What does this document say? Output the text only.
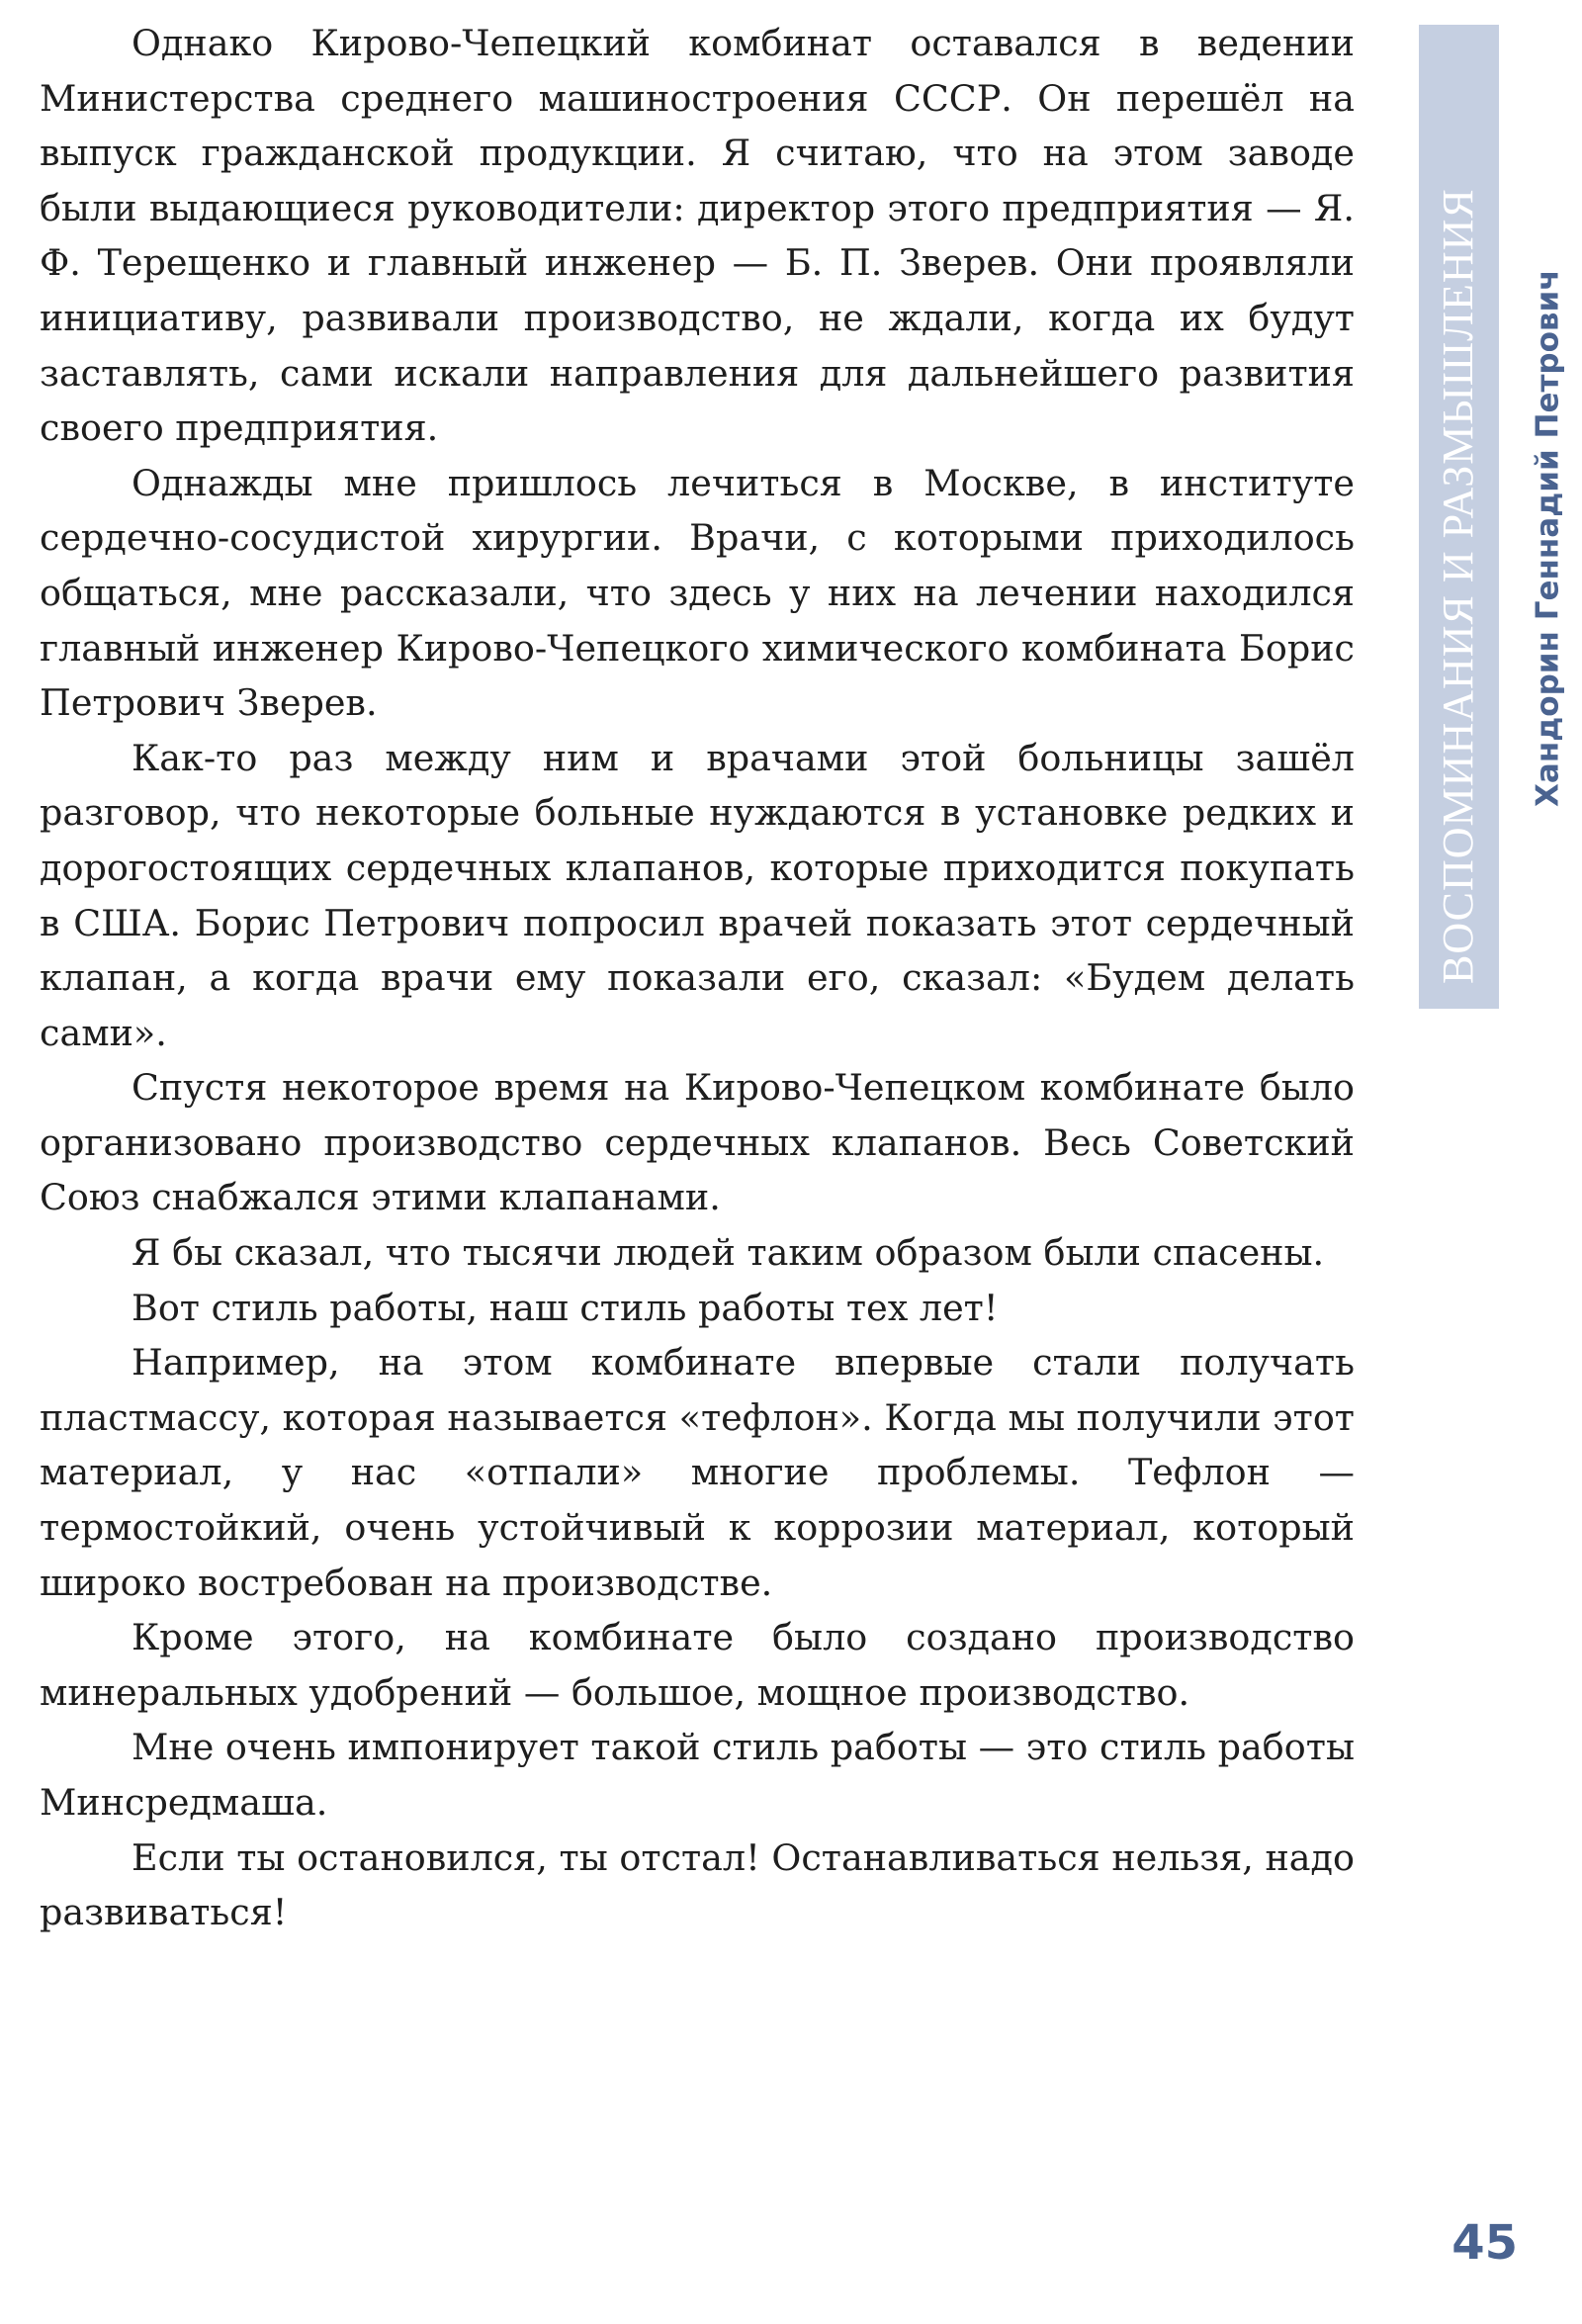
ВОСПОМИНАНИЯ И РАЗМЫШЛЕНИЯ Хандорин Геннадий Петрович

Однако Кирово-Чепецкий комбинат оставался в ведении Министерства среднего машиностроения СССР. Он перешёл на выпуск гражданской продукции. Я считаю, что на этом заводе были выдающиеся руководители: директор этого предприятия — Я. Ф. Терещенко и главный инженер — Б. П. Зверев. Они проявляли инициативу, развивали производство, не ждали, когда их будут заставлять, сами искали направления для дальнейшего развития своего предприятия.

Однажды мне пришлось лечиться в Москве, в институте сердечно-сосудистой хирургии. Врачи, с которыми приходилось общаться, мне рассказали, что здесь у них на лечении находился главный инженер Кирово-Чепецкого химического комбината Борис Петрович Зверев.

Как-то раз между ним и врачами этой больницы зашёл разговор, что некоторые больные нуждаются в установке редких и дорогостоящих сердечных клапанов, которые приходится покупать в США. Борис Петрович попросил врачей показать этот сердечный клапан, а когда врачи ему показали его, сказал: «Будем делать сами».

Спустя некоторое время на Кирово-Чепецком комбинате было организовано производство сердечных клапанов. Весь Советский Союз снабжался этими клапанами.

Я бы сказал, что тысячи людей таким образом были спасены.

Вот стиль работы, наш стиль работы тех лет!

Например, на этом комбинате впервые стали получать пластмассу, которая называется «тефлон». Когда мы получили этот материал, у нас «отпали» многие проблемы. Тефлон — термостойкий, очень устойчивый к коррозии материал, который широко востребован на производстве.

Кроме этого, на комбинате было создано производство минеральных удобрений — большое, мощное производство.

Мне очень импонирует такой стиль работы — это стиль работы Минсредмаша.

Если ты остановился, ты отстал! Останавливаться нельзя, надо развиваться!

45
